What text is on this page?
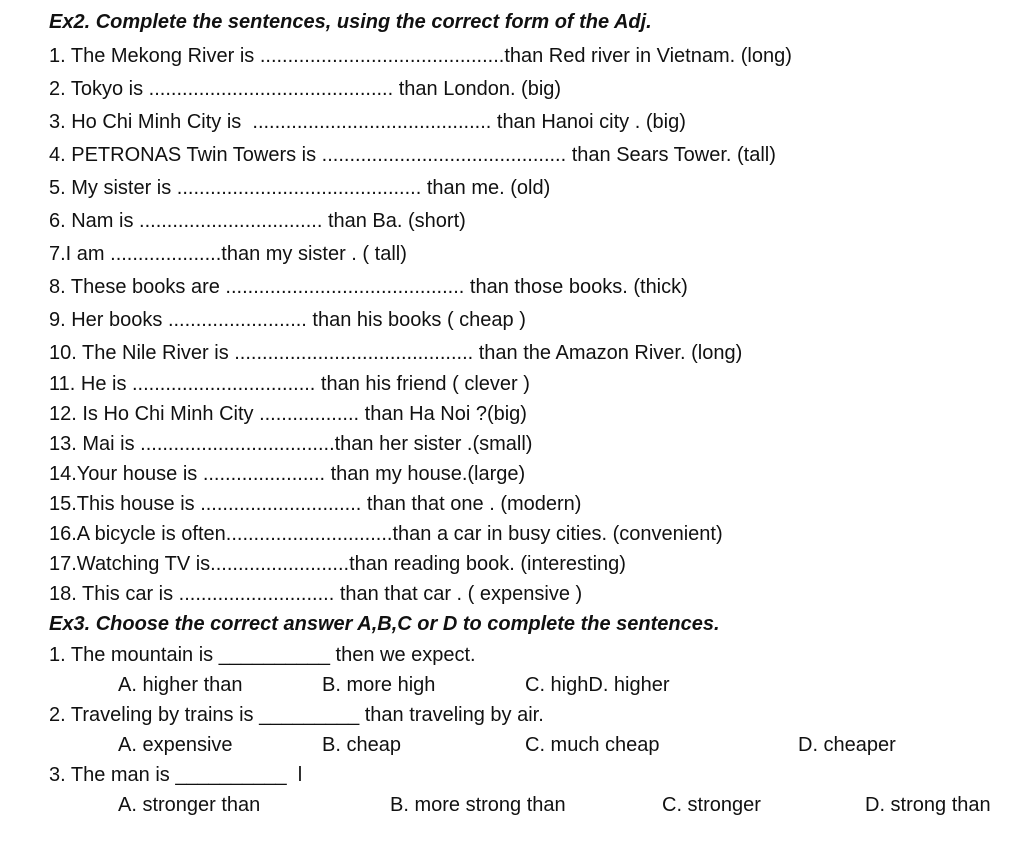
Ex2. Complete the sentences, using the correct form of the Adj.
1. The Mekong River is ............................................than Red river in Vietnam. (long)
2. Tokyo is ............................................ than London. (big)
3. Ho Chi Minh City is  ........................................... than Hanoi city . (big)
4. PETRONAS Twin Towers is ............................................ than Sears Tower. (tall)
5. My sister is ............................................ than me. (old)
6. Nam is ................................. than Ba. (short)
7.I am ....................than my sister . ( tall)
8. These books are ........................................... than those books. (thick)
9. Her books ......................... than his books ( cheap )
10. The Nile River is ........................................... than the Amazon River. (long)
11. He is ................................. than his friend ( clever )
12. Is Ho Chi Minh City .................. than Ha Noi ?(big)
13. Mai is ...................................than her sister .(small)
14.Your house is ...................... than my house.(large)
15.This house is ............................. than that one . (modern)
16.A bicycle is often..............................than a car in busy cities. (convenient)
17.Watching TV is.........................than reading book. (interesting)
18. This car is ............................ than that car . ( expensive )
Ex3. Choose the correct answer A,B,C or D to complete the sentences.
1. The mountain is __________ then we expect.
A. higher than	B. more high	C. highD. higher
2. Traveling by trains is _________ than traveling by air.
A. expensive	B. cheap	C. much cheap	D. cheaper
3. The man is __________  l
A. stronger than	B. more strong than	C. stronger	D. strong than
